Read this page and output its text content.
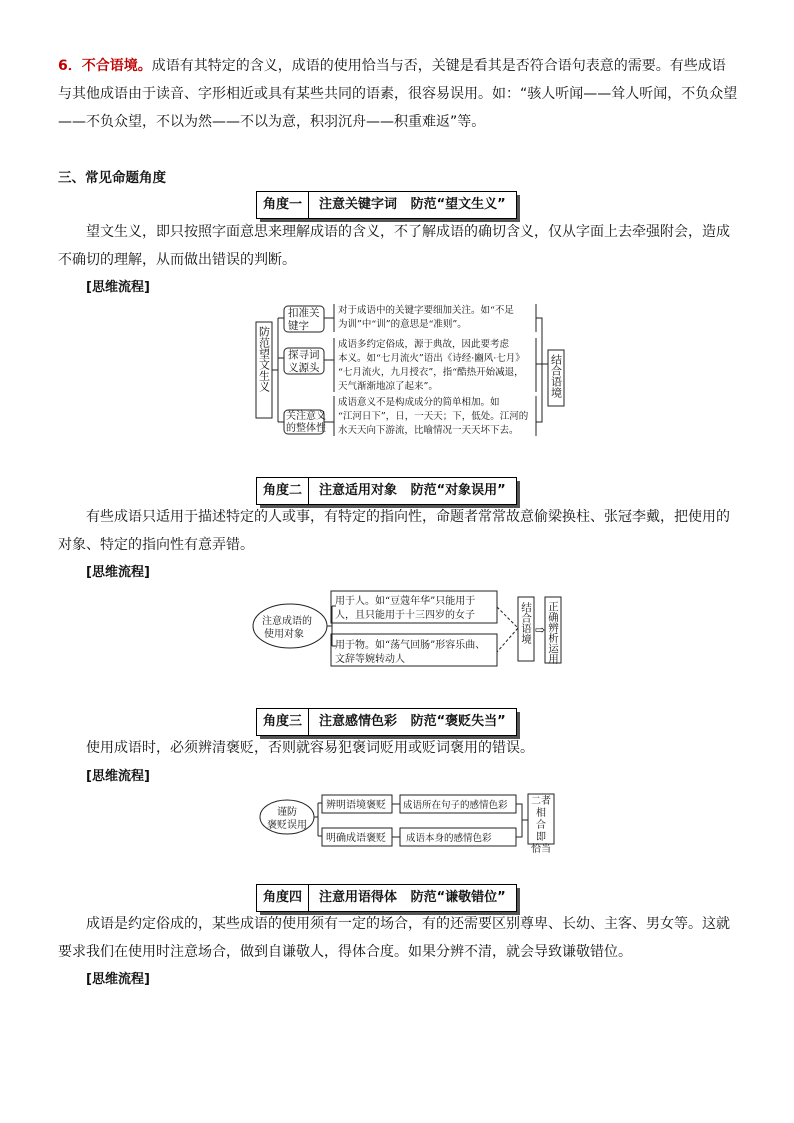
6．不合语境。成语有其特定的含义，成语的使用恰当与否，关键是看其是否符合语句表意的需要。有些成语与其他成语由于读音、字形相近或具有某些共同的语素，很容易误用。如：“骇人听闻——耸人听闻，不负众望——不负众望，不以为然——不以为意，积羽沉舟——积重难返”等。
三、常见命题角度
角度一	注意关键字词   防范“望文生义”
望文生义，即只按照字面意思来理解成语的含义，不了解成语的确切含义，仅从字面上去牵强附会，造成不确切的理解，从而做出错误的判断。
[思维流程]
防范望文生义
扣准关
键字
探寻词
义源头
关注意义
的整体性
对于成语中的关键字要细加关注。如“不足
为训”中“训”的意思是“准则”。
成语多约定俗成，源于典故，因此要考虑
本义。如“七月流火”语出《诗经·豳风·七月》
“七月流火，九月授衣”，指“酷热开始减退，
天气渐渐地凉了起来”。
成语意义不是构成成分的简单相加。如
“江河日下”，日，一天天；下，低处。江河的
水天天向下游流，比喻情况一天天坏下去。
结合语境
角度二	注意适用对象   防范“对象误用”
有些成语只适用于描述特定的人或事，有特定的指向性，命题者常常故意偷梁换柱、张冠李戴，把使用的对象、特定的指向性有意弄错。
[思维流程]
注意成语的
使用对象
用于人。如“豆蔻年华”只能用于
人，且只能用于十三四岁的女子
用于物。如“荡气回肠”形容乐曲、
文辞等婉转动人
结合语境 ⇨ 正确辨析运用
角度三	注意感情色彩   防范“褒贬失当”
使用成语时，必须辨清褒贬，否则就容易犯褒词贬用或贬词褒用的错误。
[思维流程]
谨防
褒贬误用
辨明语境褒贬
明确成语褒贬
成语所在句子的感情色彩
成语本身的感情色彩
二者
相
合
即
恰当
角度四	注意用语得体   防范“谦敬错位”
成语是约定俗成的，某些成语的使用须有一定的场合，有的还需要区别尊卑、长幼、主客、男女等。这就要求我们在使用时注意场合，做到自谦敬人，得体合度。如果分辨不清，就会导致谦敬错位。
[思维流程]
